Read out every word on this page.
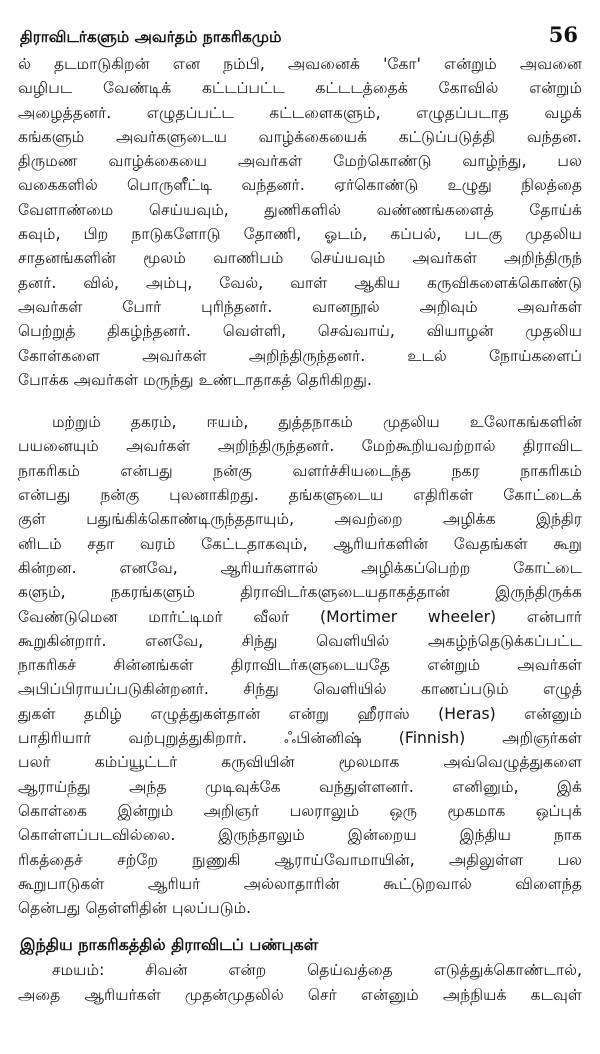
திராவிடர்களும் அவர்தம் நாகரிகமும்	56
ல் தடமாடுகிறன் என நம்பி, அவனைக் 'கோ' என்றும் அவனை
வழிபட வேண்டிக் கட்டப்பட்ட கட்டடத்தைக் கோவில் என்றும்
அழைத்தனர். எழுதப்பட்ட கட்டளைகளும், எழுதப்படாத வழக்
கங்களும் அவர்களுடைய வாழ்க்கையைக் கட்டுப்படுத்தி வந்தன.
திருமண வாழ்க்கையை அவர்கள் மேற்கொண்டு வாழ்ந்து, பல
வகைகளில் பொருளீட்டி வந்தனர். ஏர்கொண்டு உழுது நிலத்தை
வேளாண்மை செய்யவும், துணிகளில் வண்ணங்களைத் தோய்க்
கவும், பிற நாடுகளோடு தோணி, ஓடம், கப்பல், படகு முதலிய
சாதனங்களின் மூலம் வாணிபம் செய்யவும் அவர்கள் அறிந்திருந்
தனர். வில், அம்பு, வேல், வாள் ஆகிய கருவிகளைக்கொண்டு
அவர்கள் போர் புரிந்தனர். வானநூல் அறிவும் அவர்கள்
பெற்றுத் திகழ்ந்தனர். வெள்ளி, செவ்வாய், வியாழன் முதலிய
கோள்களை அவர்கள் அறிந்திருந்தனர். உடல் நோய்களைப்
போக்க அவர்கள் மருந்து உண்டாதாகத் தெரிகிறது.
மற்றும் தகரம், ஈயம், துத்தநாகம் முதலிய உலோகங்களின்
பயனையும் அவர்கள் அறிந்திருந்தனர். மேற்கூறியவற்றால் திராவிட
நாகரிகம் என்பது நன்கு வளர்ச்சியடைந்த நகர நாகரிகம்
என்பது நன்கு புலனாகிறது. தங்களுடைய எதிரிகள் கோட்டைக்
குள் பதுங்கிக்கொண்டிருந்ததாயும், அவற்றை அழிக்க இந்திர
னிடம் சதா வரம் கேட்டதாகவும், ஆரியர்களின் வேதங்கள் கூறு
கின்றன. எனவே, ஆரியர்களால் அழிக்கப்பெற்ற கோட்டை
களும், நகரங்களும் திராவிடர்களுடையதாகத்தான் இருந்திருக்க
வேண்டுமென மார்ட்டிமர் வீலர் (Mortimer wheeler) என்பார்
கூறுகின்றார். எனவே, சிந்து வெளியில் அகழ்ந்தெடுக்கப்பட்ட
நாகரிகச் சின்னங்கள் திராவிடர்களுடையதே என்றும் அவர்கள்
அபிப்பிராயப்படுகின்றனர். சிந்து வெளியில் காணப்படும் எழுத்
துகள் தமிழ் எழுத்துகள்தான் என்று ஹீராஸ் (Heras) என்னும்
பாதிரியார் வற்புறுத்துகிறார். ஃபின்னிஷ் (Finnish) அறிஞர்கள்
பலர் கம்ப்யூட்டர் கருவியின் மூலமாக அவ்வெழுத்துகளை
ஆராய்ந்து அந்த முடிவுக்கே வந்துள்ளனர். எனினும், இக்
கொள்கை இன்றும் அறிஞர் பலராலும் ஒரு மூகமாக ஒப்புக்
கொள்ளப்படவில்லை. இருந்தாலும் இன்றைய இந்திய நாக
ரிகத்தைச் சற்றே நுணுகி ஆராய்வோமாயின், அதிலுள்ள பல
கூறுபாடுகள் ஆரியர் அல்லாதாரின் கூட்டுறவால் விளைந்த
தென்பது தெள்ளிதின் புலப்படும்.
இந்திய நாகரிகத்தில் திராவிடப் பண்புகள்
சமயம்: சிவன் என்ற தெய்வத்தை எடுத்துக்கொண்டால்,
அதை ஆரியர்கள் முதன்முதலில் செர் என்னும் அந்நியக் கடவுள்
